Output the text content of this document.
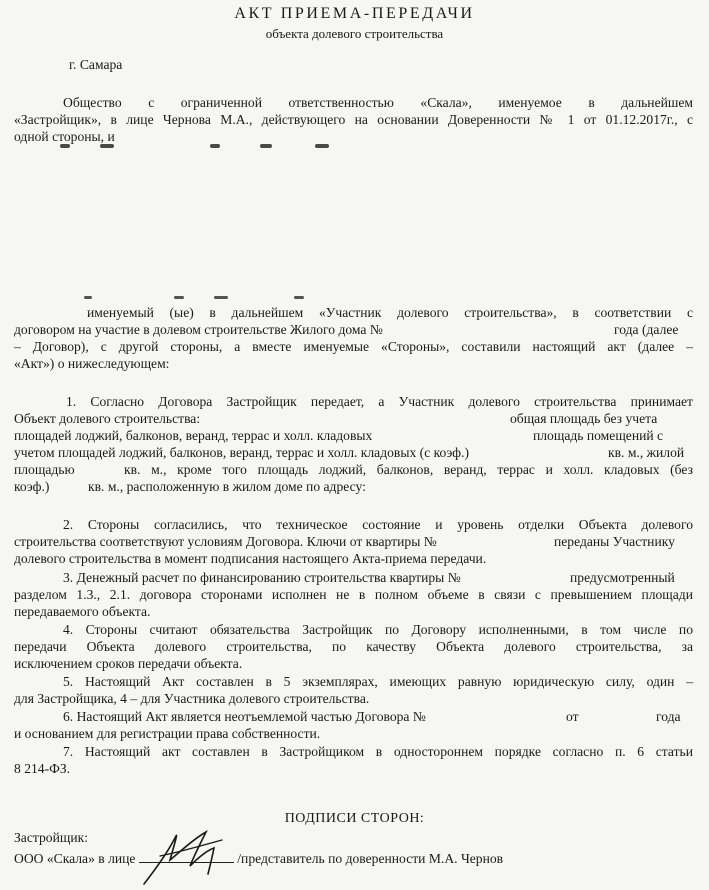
АКТ ПРИЕМА-ПЕРЕДАЧИ
объекта долевого строительства
г. Самара
Общество с ограниченной ответственностью «Скала», именуемое в дальнейшем
«Застройщик», в лице Чернова М.А., действующего на основании Доверенности № 1 от 01.12.2017г., с
одной стороны, и
именуемый (ые) в дальнейшем «Участник долевого строительства», в соответствии с
договором на участие в долевом строительстве Жилого дома №	года (далее
– Договор), с другой стороны, а вместе именуемые «Стороны», составили настоящий акт (далее –
«Акт») о нижеследующем:
1. Согласно Договора Застройщик передает, а Участник долевого строительства принимает
Объект долевого строительства:	общая площадь без учета
площадей лоджий, балконов, веранд, террас и холл. кладовых	площадь помещений с
учетом площадей лоджий, балконов, веранд, террас и холл. кладовых (с коэф.)	кв. м., жилой
площадью	кв. м., кроме того площадь лоджий, балконов, веранд, террас и холл. кладовых (без
коэф.)	кв. м., расположенную в жилом доме по адресу:
2. Стороны согласились, что техническое состояние и уровень отделки Объекта долевого
строительства соответствуют условиям Договора. Ключи от квартиры №	переданы Участнику
долевого строительства в момент подписания настоящего Акта-приема передачи.
3. Денежный расчет по финансированию строительства квартиры №	предусмотренный
разделом 1.3., 2.1. договора сторонами исполнен не в полном объеме в связи с превышением площади
передаваемого объекта.
4. Стороны считают обязательства Застройщик по Договору исполненными, в том числе по
передачи Объекта долевого строительства, по качеству Объекта долевого строительства, за
исключением сроков передачи объекта.
5. Настоящий Акт составлен в 5 экземплярах, имеющих равную юридическую силу, один –
для Застройщика, 4 – для Участника долевого строительства.
6. Настоящий Акт является неотъемлемой частью Договора №	от	года
и основанием для регистрации права собственности.
7. Настоящий акт составлен в Застройщиком в одностороннем порядке согласно п. 6 статьи
8 214-ФЗ.
ПОДПИСИ СТОРОН:
Застройщик:
ООО «Скала» в лице	/представитель по доверенности М.А. Чернов
